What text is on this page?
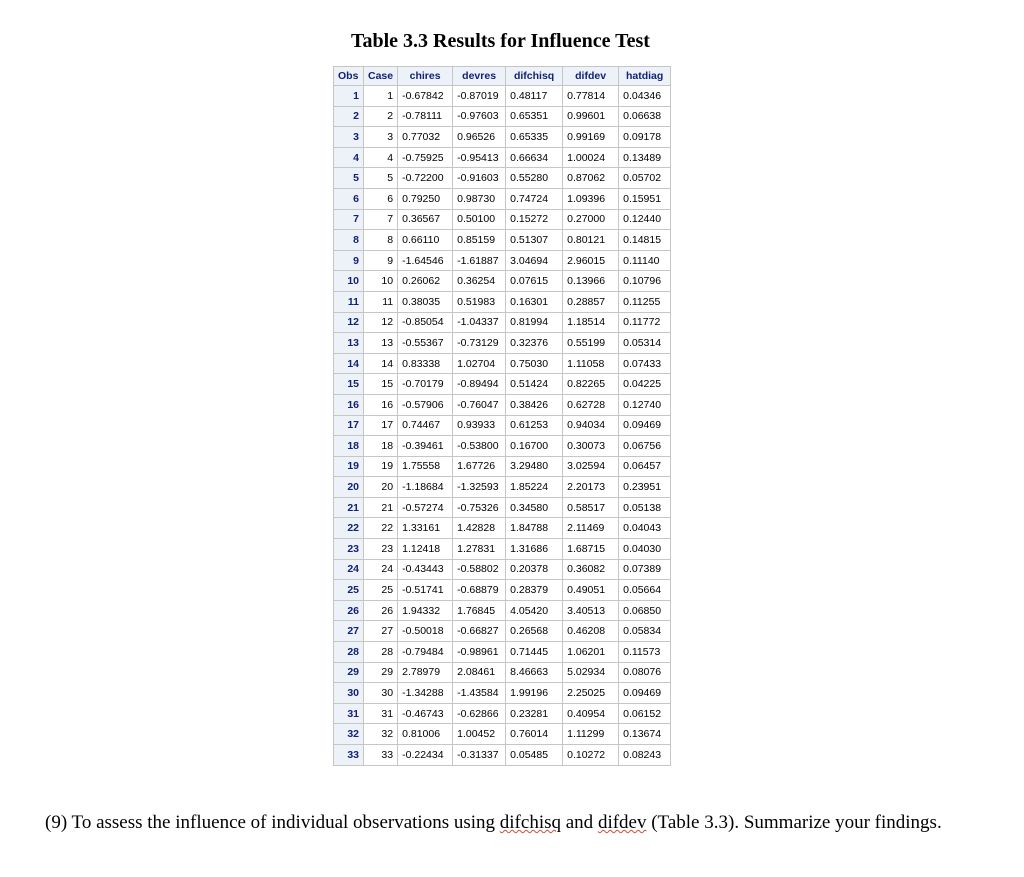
Table 3.3 Results for Influence Test
Obs	Case	chires	devres	difchisq	difdev	hatdiag
1	1	-0.67842	-0.87019	0.48117	0.77814	0.04346
2	2	-0.78111	-0.97603	0.65351	0.99601	0.06638
3	3	0.77032	0.96526	0.65335	0.99169	0.09178
4	4	-0.75925	-0.95413	0.66634	1.00024	0.13489
5	5	-0.72200	-0.91603	0.55280	0.87062	0.05702
6	6	0.79250	0.98730	0.74724	1.09396	0.15951
7	7	0.36567	0.50100	0.15272	0.27000	0.12440
8	8	0.66110	0.85159	0.51307	0.80121	0.14815
9	9	-1.64546	-1.61887	3.04694	2.96015	0.11140
10	10	0.26062	0.36254	0.07615	0.13966	0.10796
11	11	0.38035	0.51983	0.16301	0.28857	0.11255
12	12	-0.85054	-1.04337	0.81994	1.18514	0.11772
13	13	-0.55367	-0.73129	0.32376	0.55199	0.05314
14	14	0.83338	1.02704	0.75030	1.11058	0.07433
15	15	-0.70179	-0.89494	0.51424	0.82265	0.04225
16	16	-0.57906	-0.76047	0.38426	0.62728	0.12740
17	17	0.74467	0.93933	0.61253	0.94034	0.09469
18	18	-0.39461	-0.53800	0.16700	0.30073	0.06756
19	19	1.75558	1.67726	3.29480	3.02594	0.06457
20	20	-1.18684	-1.32593	1.85224	2.20173	0.23951
21	21	-0.57274	-0.75326	0.34580	0.58517	0.05138
22	22	1.33161	1.42828	1.84788	2.11469	0.04043
23	23	1.12418	1.27831	1.31686	1.68715	0.04030
24	24	-0.43443	-0.58802	0.20378	0.36082	0.07389
25	25	-0.51741	-0.68879	0.28379	0.49051	0.05664
26	26	1.94332	1.76845	4.05420	3.40513	0.06850
27	27	-0.50018	-0.66827	0.26568	0.46208	0.05834
28	28	-0.79484	-0.98961	0.71445	1.06201	0.11573
29	29	2.78979	2.08461	8.46663	5.02934	0.08076
30	30	-1.34288	-1.43584	1.99196	2.25025	0.09469
31	31	-0.46743	-0.62866	0.23281	0.40954	0.06152
32	32	0.81006	1.00452	0.76014	1.11299	0.13674
33	33	-0.22434	-0.31337	0.05485	0.10272	0.08243
(9) To assess the influence of individual observations using difchisq and difdev (Table 3.3). Summarize your findings.
